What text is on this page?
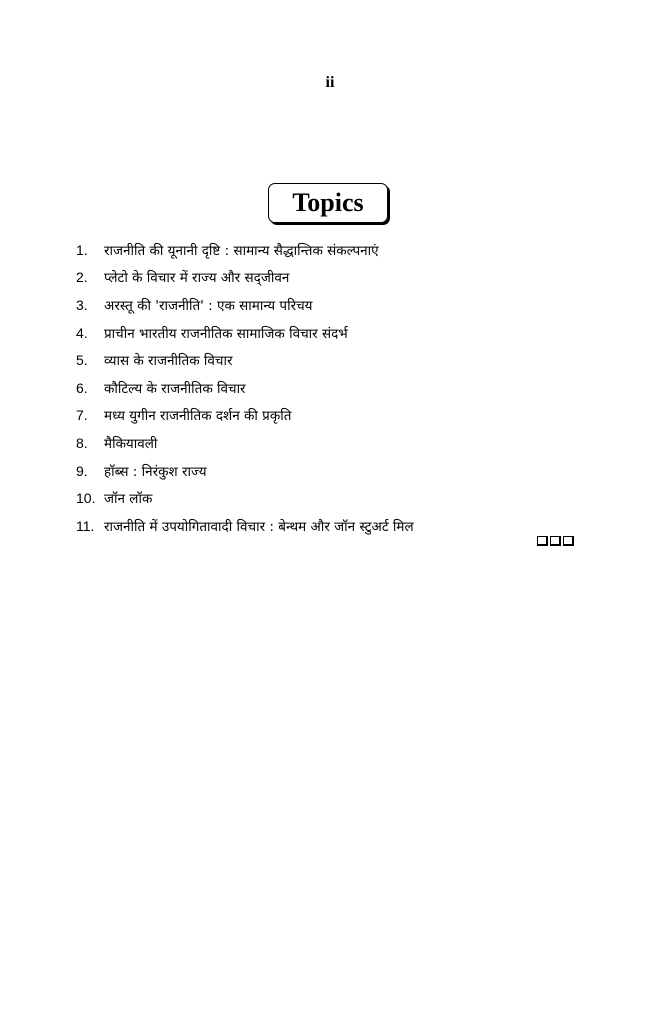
ii
Topics
1.	राजनीति की यूनानी दृष्टि : सामान्य सैद्धान्तिक संकल्पनाएं
2.	प्लेटो के विचार में राज्य और सद्जीवन
3.	अरस्तू की 'राजनीति' : एक सामान्य परिचय
4.	प्राचीन भारतीय राजनीतिक सामाजिक विचार संदर्भ
5.	व्यास के राजनीतिक विचार
6.	कौटिल्य के राजनीतिक विचार
7.	मध्य युगीन राजनीतिक दर्शन की प्रकृति
8.	मैकियावली
9.	हॉब्स : निरंकुश राज्य
10. जॉन लॉक
11. राजनीति में उपयोगितावादी विचार : बेन्थम और जॉन स्टुअर्ट मिल
